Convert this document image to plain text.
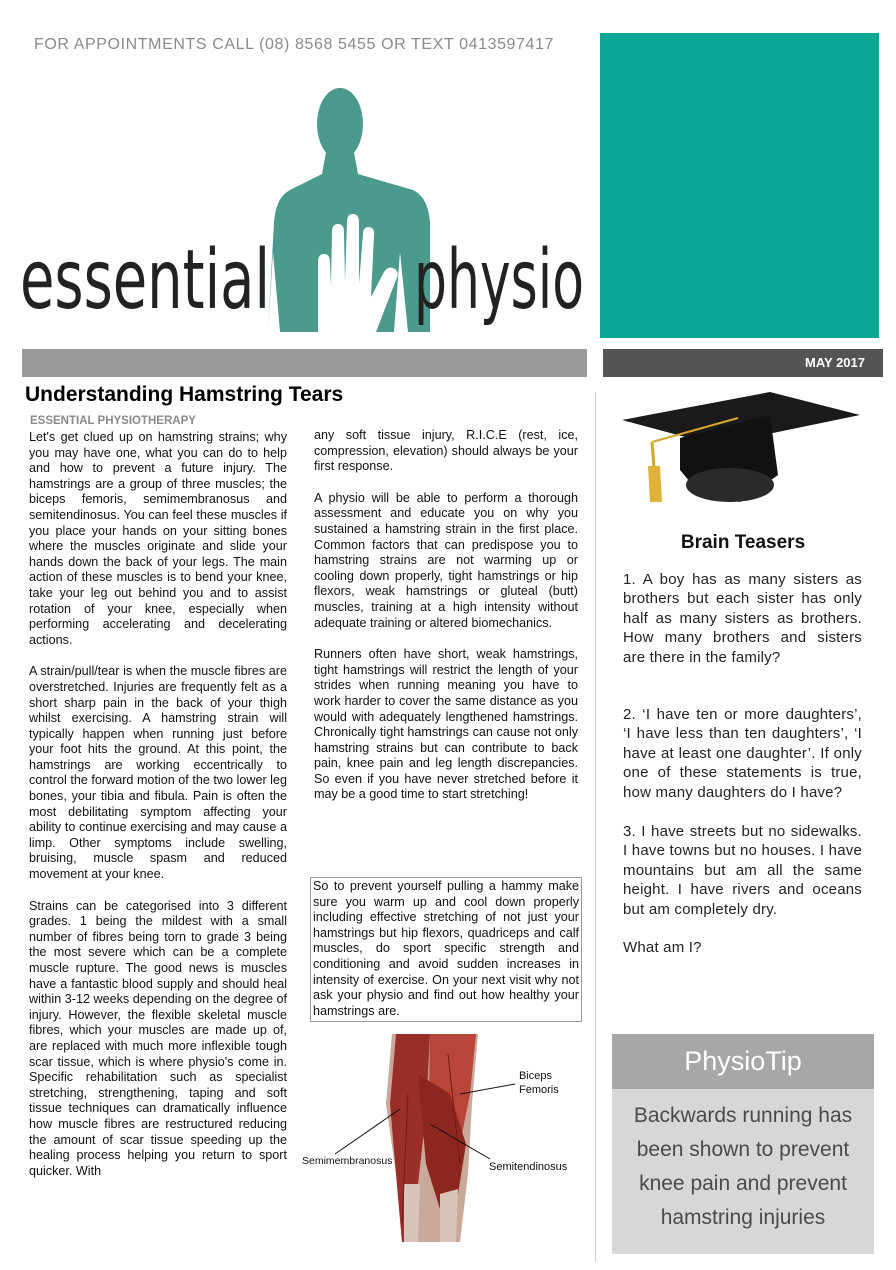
FOR APPOINTMENTS CALL (08) 8568 5455 OR TEXT 0413597417
essential physio
MAY 2017
Understanding Hamstring Tears
ESSENTIAL PHYSIOTHERAPY

Let's get clued up on hamstring strains; why you may have one, what you can do to help and how to prevent a future injury. The hamstrings are a group of three muscles; the biceps femoris, semimembranosus and semitendinosus. You can feel these muscles if you place your hands on your sitting bones where the muscles originate and slide your hands down the back of your legs. The main action of these muscles is to bend your knee, take your leg out behind you and to assist rotation of your knee, especially when performing accelerating and decelerating actions.

A strain/pull/tear is when the muscle fibres are overstretched. Injuries are frequently felt as a short sharp pain in the back of your thigh whilst exercising. A hamstring strain will typically happen when running just before your foot hits the ground. At this point, the hamstrings are working eccentrically to control the forward motion of the two lower leg bones, your tibia and fibula. Pain is often the most debilitating symptom affecting your ability to continue exercising and may cause a limp. Other symptoms include swelling, bruising, muscle spasm and reduced movement at your knee.

Strains can be categorised into 3 different grades. 1 being the mildest with a small number of fibres being torn to grade 3 being the most severe which can be a complete muscle rupture. The good news is muscles have a fantastic blood supply and should heal within 3-12 weeks depending on the degree of injury. However, the flexible skeletal muscle fibres, which your muscles are made up of, are replaced with much more inflexible tough scar tissue, which is where physio's come in. Specific rehabilitation such as specialist stretching, strengthening, taping and soft tissue techniques can dramatically influence how muscle fibres are restructured reducing the amount of scar tissue speeding up the healing process helping you return to sport quicker. With

any soft tissue injury, R.I.C.E (rest, ice, compression, elevation) should always be your first response.

A physio will be able to perform a thorough assessment and educate you on why you sustained a hamstring strain in the first place. Common factors that can predispose you to hamstring strains are not warming up or cooling down properly, tight hamstrings or hip flexors, weak hamstrings or gluteal (butt) muscles, training at a high intensity without adequate training or altered biomechanics.

Runners often have short, weak hamstrings, tight hamstrings will restrict the length of your strides when running meaning you have to work harder to cover the same distance as you would with adequately lengthened hamstrings. Chronically tight hamstrings can cause not only hamstring strains but can contribute to back pain, knee pain and leg length discrepancies. So even if you have never stretched before it may be a good time to start stretching!

So to prevent yourself pulling a hammy make sure you warm up and cool down properly including effective stretching of not just your hamstrings but hip flexors, quadriceps and calf muscles, do sport specific strength and conditioning and avoid sudden increases in intensity of exercise. On your next visit why not ask your physio and find out how healthy your hamstrings are.
Biceps
Femoris
Semimembranosus	Semitendinosus
Brain Teasers

1. A boy has as many sisters as brothers but each sister has only half as many sisters as brothers. How many brothers and sisters are there in the family?

2. ‘I have ten or more daughters’, ‘I have less than ten daughters’, ‘I have at least one daughter’. If only one of these statements is true, how many daughters do I have?

3. I have streets but no sidewalks. I have towns but no houses. I have mountains but am all the same height. I have rivers and oceans but am completely dry.

What am I?

PhysioTip
Backwards running has been shown to prevent knee pain and prevent hamstring injuries
